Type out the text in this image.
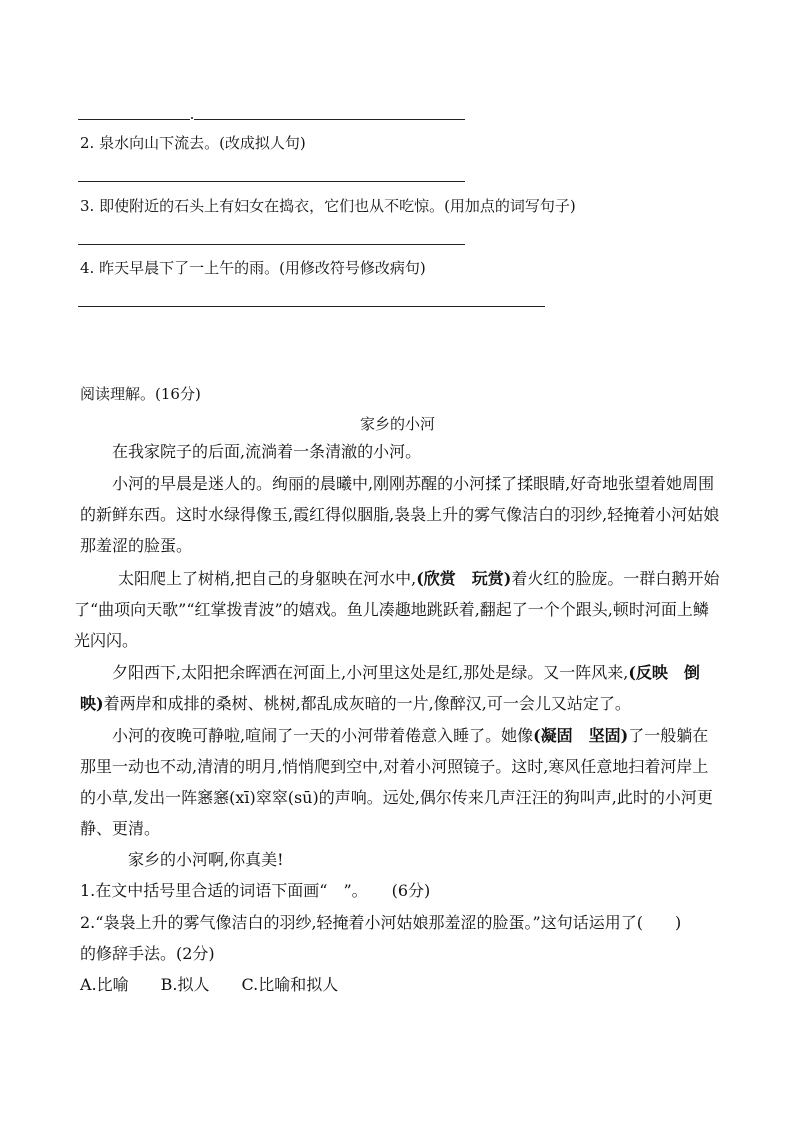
2. 泉水向山下流去。(改成拟人句)
3. 即使附近的石头上有妇女在捣衣，它们也从不吃惊。(用加点的词写句子)
4. 昨天早晨下了一上午的雨。(用修改符号修改病句)
阅读理解。(16分)
家乡的小河
在我家院子的后面,流淌着一条清澈的小河。
小河的早晨是迷人的。绚丽的晨曦中,刚刚苏醒的小河揉了揉眼睛,好奇地张望着她周围的新鲜东西。这时水绿得像玉,霞红得似胭脂,袅袅上升的雾气像洁白的羽纱,轻掩着小河姑娘那羞涩的脸蛋。
太阳爬上了树梢,把自己的身躯映在河水中,(欣赏　玩赏)着火红的脸庞。一群白鹅开始了“曲项向天歌”“红掌拨青波”的嬉戏。鱼儿凑趣地跳跃着,翻起了一个个跟头,顿时河面上鳞光闪闪。
夕阳西下,太阳把余晖洒在河面上,小河里这处是红,那处是绿。又一阵风来,(反映　倒映)着两岸和成排的桑树、桃树,都乱成灰暗的一片,像醉汉,可一会儿又站定了。
小河的夜晚可静啦,喧闹了一天的小河带着倦意入睡了。她像(凝固　坚固)了一般躺在那里一动也不动,清清的明月,悄悄爬到空中,对着小河照镜子。这时,寒风任意地扫着河岸上的小草,发出一阵窸窸(xī)窣窣(sū)的声响。远处,偶尔传来几声汪汪的狗叫声,此时的小河更静、更清。
家乡的小河啊,你真美!
1.在文中括号里合适的词语下面画“　”。　　(6分)
2.“袅袅上升的雾气像洁白的羽纱,轻掩着小河姑娘那羞涩的脸蛋。”这句话运用了(　　)
的修辞手法。(2分)
A.比喻　　B.拟人　　C.比喻和拟人
